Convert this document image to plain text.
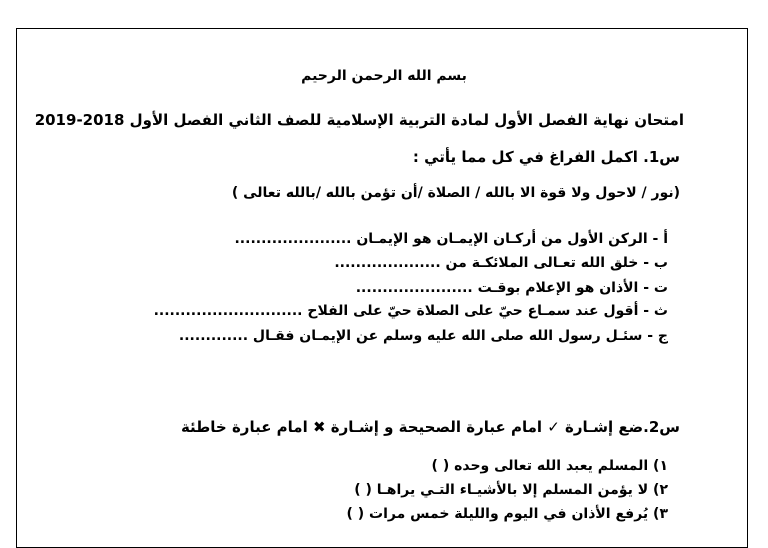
بسم الله الرحمن الرحيم
امتحان نهاية الفصل الأول لمادة التربية الإسلامية للصف الثاني الفصل الأول 2018-2019
س1. اكمل الفراغ في كل مما يأتي :
(نور / لاحول ولا قوة الا بالله / الصلاة /أن تؤمن بالله /بالله تعالى )
أ - الركن الأول من أركـان الإيمـان هو الإيمـان ......................
ب - خلق الله تعـالى الملائكـة من ....................
ت - الأذان هو الإعلام بوقـت ......................
ث - أقول عند سمـاع حيّ على الصلاة حيّ على الفلاح ............................
ج - سئـل رسول الله صلى الله عليه وسلم عن الإيمـان فقـال .............
س2.ضع إشـارة ✓ امام عبارة الصحيحة و إشـارة ✖ امام عبارة خاطئة
١) المسلم يعبد الله تعالى وحده ( )
٢) لا يؤمن المسلم إلا بالأشيـاء التـي يراهـا ( )
٣) يُرفع الأذان في اليوم والليلة خمس مرات ( )
